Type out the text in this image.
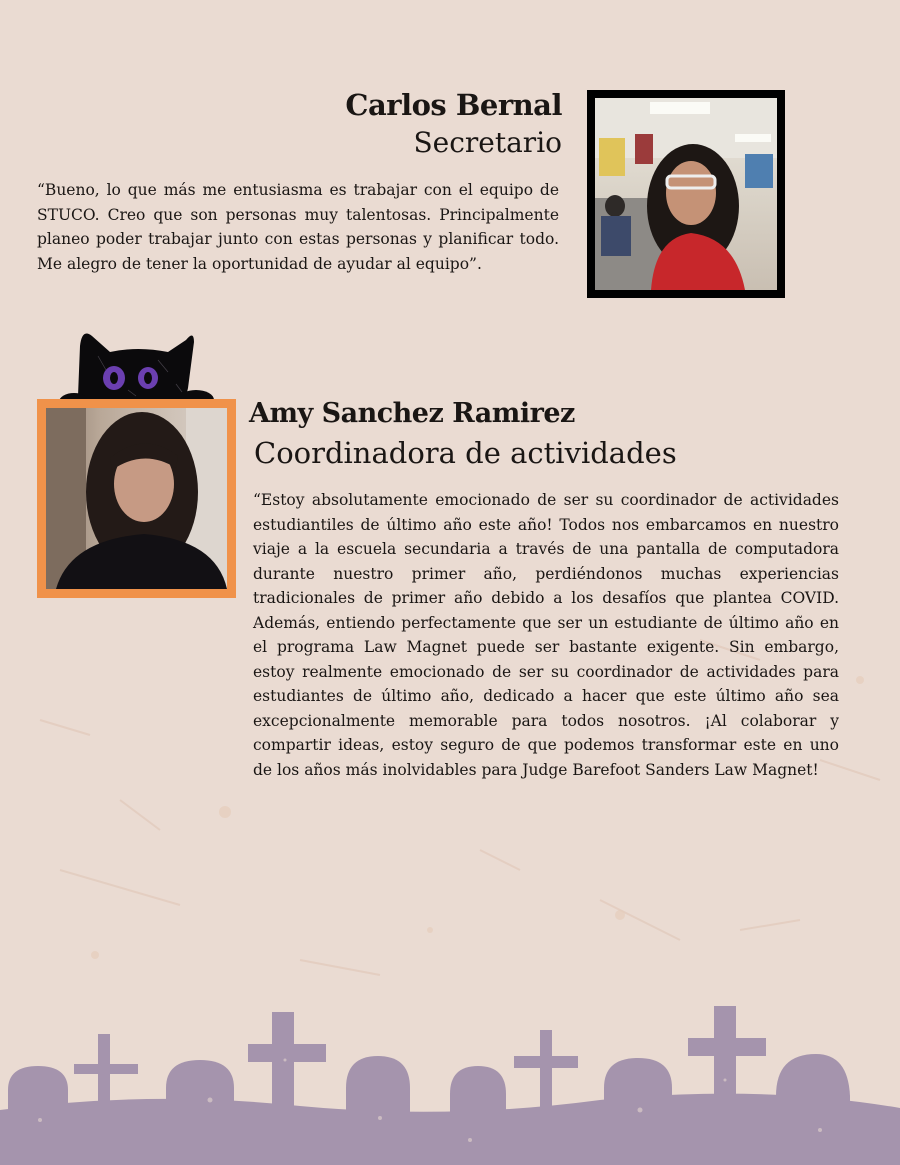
Carlos Bernal
Secretario

“Bueno, lo que más me entusiasma es trabajar con el equipo de STUCO. Creo que son personas muy talentosas. Principalmente planeo poder trabajar junto con estas personas y planificar todo. Me alegro de tener la oportunidad de ayudar al equipo”.

Amy Sanchez Ramirez
Coordinadora de actividades

“Estoy absolutamente emocionado de ser su coordinador de actividades estudiantiles de último año este año! Todos nos embarcamos en nuestro viaje a la escuela secundaria a través de una pantalla de computadora durante nuestro primer año, perdiéndonos muchas experiencias tradicionales de primer año debido a los desafíos que plantea COVID. Además, entiendo perfectamente que ser un estudiante de último año en el programa Law Magnet puede ser bastante exigente. Sin embargo, estoy realmente emocionado de ser su coordinador de actividades para estudiantes de último año, dedicado a hacer que este último año sea excepcionalmente memorable para todos nosotros. ¡Al colaborar y compartir ideas, estoy seguro de que podemos transformar este en uno de los años más inolvidables para Judge Barefoot Sanders Law Magnet!
